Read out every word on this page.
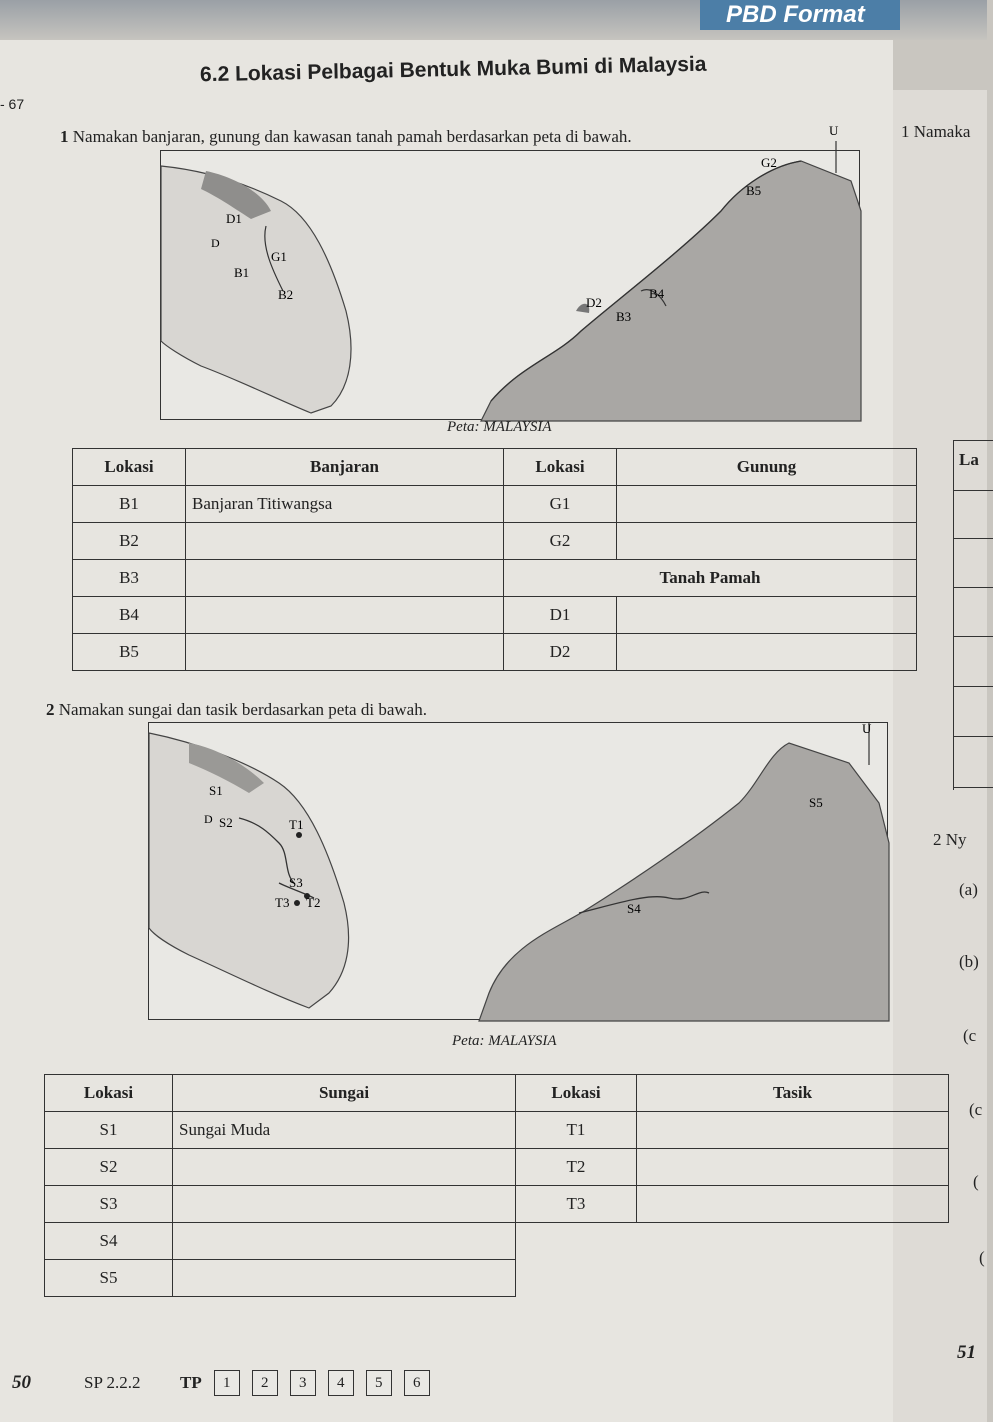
PBD Format
1 Namaka
La
2 Ny
(a)
(b)
(c
(c
(
(
51
- 67
6.2 Lokasi Pelbagai Bentuk Muka Bumi di Malaysia
1 Namakan banjaran, gunung dan kawasan tanah pamah berdasarkan peta di bawah.	U
D1
D
G1
B1
B2
G2
B5
D2
B4
B3
Peta: MALAYSIA
Lokasi	Banjaran	Lokasi	Gunung
B1	Banjaran Titiwangsa	G1	
B2		G2	
B3		Tanah Pamah	
B4		D1	
B5		D2	
2 Namakan sungai dan tasik berdasarkan peta di bawah.
U
S1
D	T1
S2
S3
T3 T2
S5
S4
Peta: MALAYSIA
Lokasi	Sungai	Lokasi	Tasik
S1	Sungai Muda	T1	
S2		T2	
S3		T3	
S4			
S5			
50	SP 2.2.2 TP	1	2	3	4	5	6
